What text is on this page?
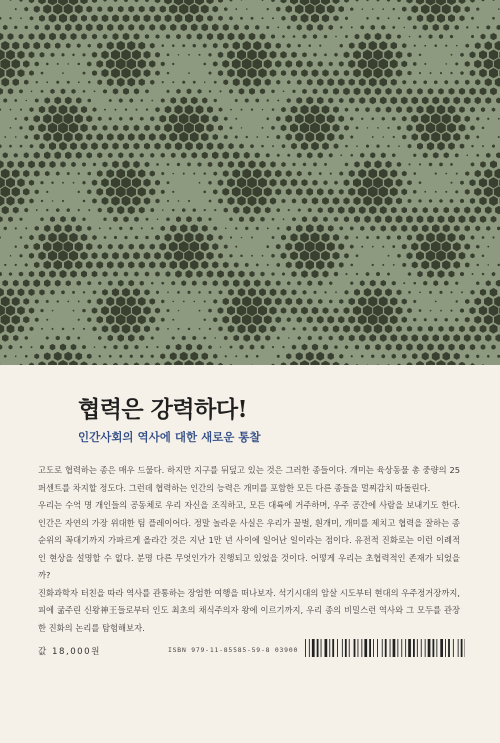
협력은 강력하다!
인간사회의 역사에 대한 새로운 통찰

고도로 협력하는 종은 매우 드물다. 하지만 지구를 뒤덮고 있는 것은 그러한 종들이다. 개미는 육상동물 총 중량의 25퍼센트를 차지할 정도다. 그런데 협력하는 인간의 능력은 개미를 포함한 모든 다른 종들을 멀찌감치 따돌린다.

우리는 수억 명 개인들의 공동체로 우리 자신을 조직하고, 모든 대륙에 거주하며, 우주 공간에 사람을 보내기도 한다. 인간은 자연의 가장 위대한 팀 플레이어다. 정말 놀라운 사실은 우리가 꿀벌, 흰개미, 개미를 제치고 협력을 잘하는 종 순위의 꼭대기까지 가파르게 올라간 것은 지난 1만 년 사이에 일어난 일이라는 점이다. 유전적 진화로는 이런 이례적인 현상을 설명할 수 없다. 분명 다른 무엇인가가 진행되고 있었을 것이다. 어떻게 우리는 초협력적인 존재가 되었을까?

진화과학자 터친을 따라 역사를 관통하는 장엄한 여행을 떠나보자. 석기시대의 암살 시도부터 현대의 우주정거장까지, 피에 굶주린 신왕神王들로부터 인도 최초의 채식주의자 왕에 이르기까지, 우리 종의 비밀스런 역사와 그 모두를 관장한 진화의 논리를 탐험해보자.

값 18,000원	ISBN 979-11-85585-59-8 03900
